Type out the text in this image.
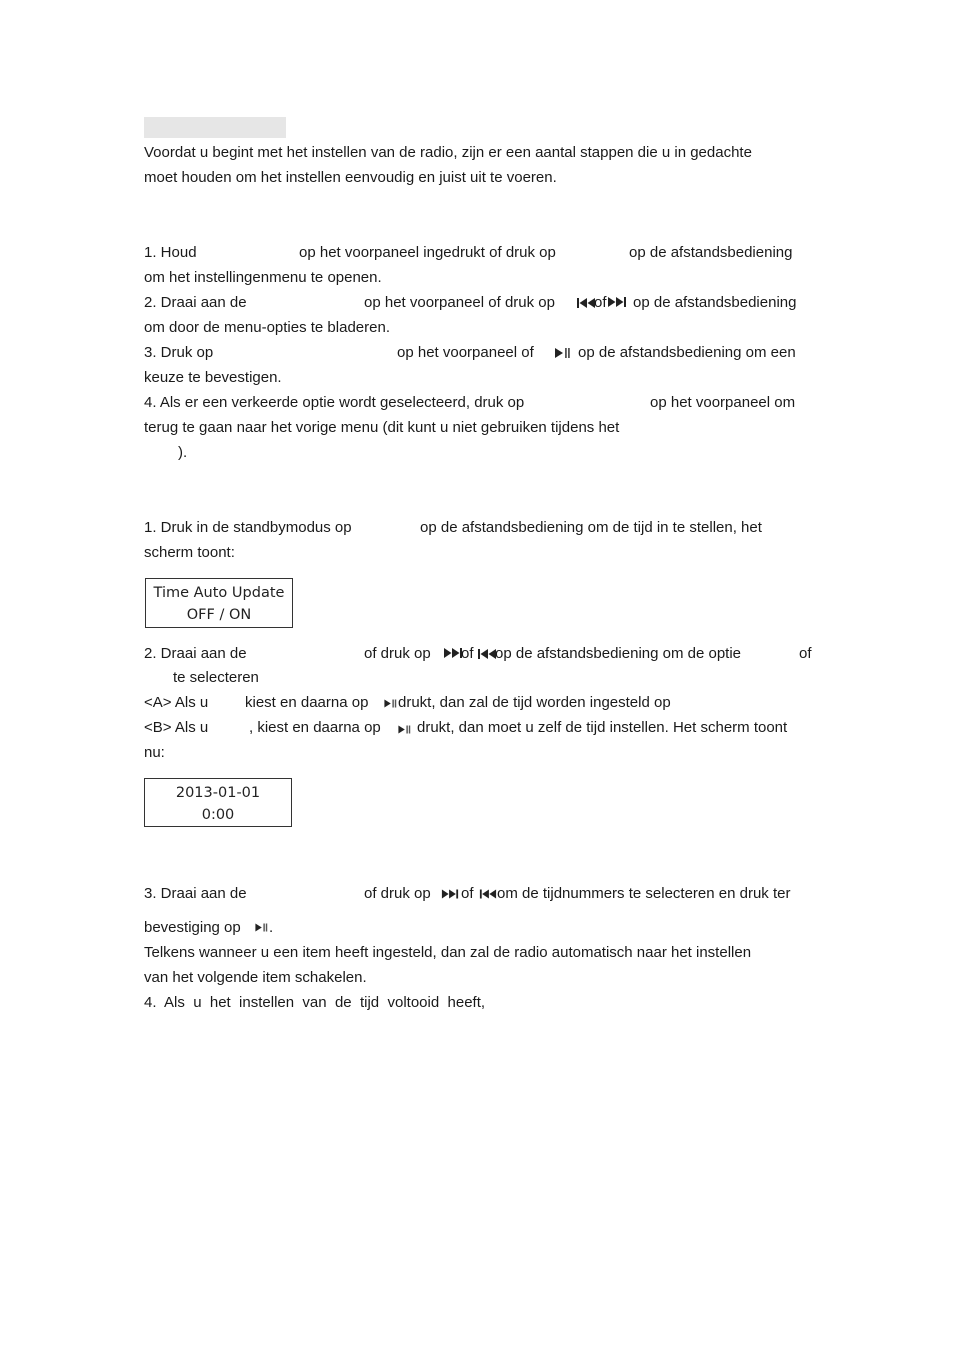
Voordat u begint met het instellen van de radio, zijn er een aantal stappen die u in gedachte
moet houden om het instellen eenvoudig en juist uit te voeren.
1. Houd	op het voorpaneel ingedrukt of druk op	op de afstandsbediening
om het instellingenmenu te openen.
2. Draai aan de	op het voorpaneel of druk op	of op de afstandsbediening
om door de menu-opties te bladeren.
3. Druk op	op het voorpaneel of	op de afstandsbediening om een
keuze te bevestigen.
4. Als er een verkeerde optie wordt geselecteerd, druk op	op het voorpaneel om
terug te gaan naar het vorige menu (dit kunt u niet gebruiken tijdens het
).
1. Druk in de standbymodus op	op de afstandsbediening om de tijd in te stellen, het
scherm toont:
Time Auto Update
OFF / ON
2. Draai aan de	of druk op of op de afstandsbediening om de optie	of
te selecteren
<A> Als u kiest en daarna op drukt, dan zal de tijd worden ingesteld op
<B> Als u	, kiest en daarna op drukt, dan moet u zelf de tijd instellen. Het scherm toont
nu:
2013-01-01
0:00
3. Draai aan de	of druk op of om de tijdnummers te selecteren en druk ter
bevestiging op .
Telkens wanneer u een item heeft ingesteld, dan zal de radio automatisch naar het instellen
van het volgende item schakelen.
4.  Als  u  het  instellen  van  de  tijd  voltooid  heeft,
